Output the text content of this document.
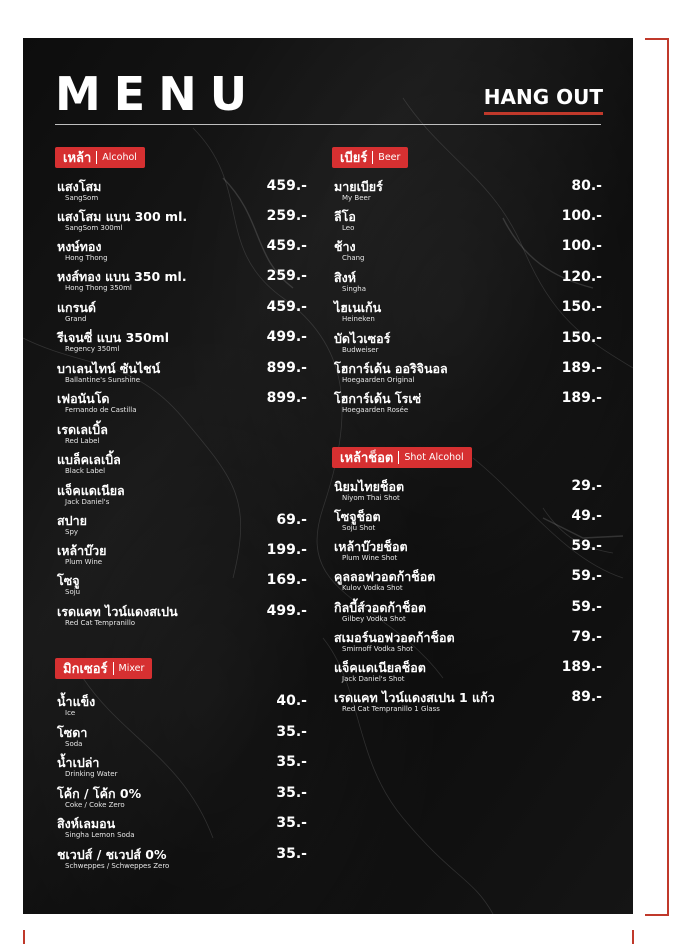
MENU	HANG OUT
เหล้า Alcohol
แสงโสม
SangSom
459.-
แสงโสม แบน 300 ml.
SangSom 300ml
259.-
หงษ์ทอง
Hong Thong
459.-
หงส์ทอง แบน 350 ml.
Hong Thong 350ml
259.-
แกรนด์
Grand
459.-
รีเจนซี่ แบน 350ml
Regency 350ml
499.-
บาเลนไทน์ ซันไชน์
Ballantine's Sunshine
899.-
เฟอนันโด
Fernando de Castilla
899.-
เรดเลเบิ้ล
Red Label
แบล็คเลเบิ้ล
Black Label
แจ็คแดเนียล
Jack Daniel's
สปาย
Spy
69.-
เหล้าบ๊วย
Plum Wine
199.-
โซจู
Soju
169.-
เรดแคท ไวน์แดงสเปน
Red Cat Tempranillo
499.-
มิกเซอร์ Mixer
น้ำแข็ง
Ice
40.-
โซดา
Soda
35.-
น้ำเปล่า
Drinking Water
35.-
โค้ก / โค้ก 0%
Coke / Coke Zero
35.-
สิงห์เลมอน
Singha Lemon Soda
35.-
ชเวปส์ / ชเวปส์ 0%
Schweppes / Schweppes Zero
35.-
เบียร์ Beer
มายเบียร์
My Beer
80.-
ลีโอ
Leo
100.-
ช้าง
Chang
100.-
สิงห์
Singha
120.-
ไฮเนเก้น
Heineken
150.-
บัดไวเซอร์
Budweiser
150.-
โฮการ์เด้น ออริจินอล
Hoegaarden Original
189.-
โฮการ์เด้น โรเซ่
Hoegaarden Rosée
189.-
เหล้าช็อต Shot Alcohol
นิยมไทยช็อต
Niyom Thai Shot
29.-
โซจูช็อต
Soju Shot
49.-
เหล้าบ๊วยช็อต
Plum Wine Shot
59.-
คูลลอฟวอดก้าช็อต
Kulov Vodka Shot
59.-
กิลบี้ส์วอดก้าช็อต
Gilbey Vodka Shot
59.-
สเมอร์นอฟวอดก้าช็อต
Smirnoff Vodka Shot
79.-
แจ็คแดเนียลช็อต
Jack Daniel's Shot
189.-
เรดแคท ไวน์แดงสเปน 1 แก้ว
Red Cat Tempranillo 1 Glass
89.-
